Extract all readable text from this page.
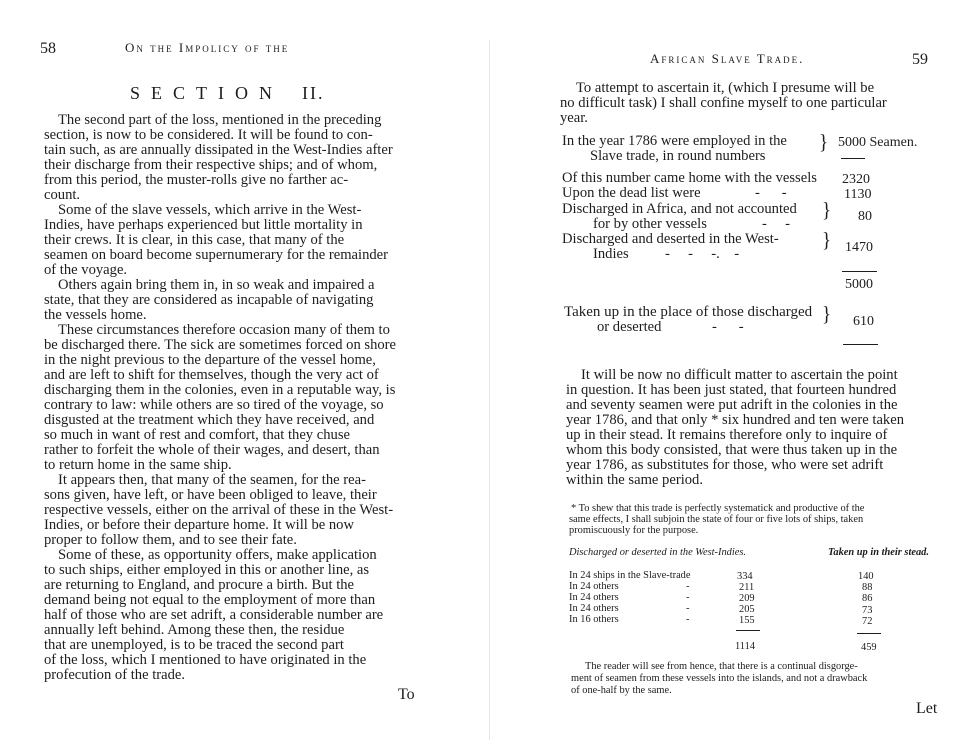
58	On the Impolicy of the
SECTION II.
The second part of the loss, mentioned in the preceding
section, is now to be considered. It will be found to con-
tain such, as are annually dissipated in the West-Indies after
their discharge from their respective ships; and of whom,
from this period, the muster-rolls give no farther ac-
count.
Some of the slave vessels, which arrive in the West-
Indies, have perhaps experienced but little mortality in
their crews. It is clear, in this case, that many of the
seamen on board become supernumerary for the remainder
of the voyage.
Others again bring them in, in so weak and impaired a
state, that they are considered as incapable of navigating
the vessels home.
These circumstances therefore occasion many of them to
be discharged there. The sick are sometimes forced on shore
in the night previous to the departure of the vessel home,
and are left to shift for themselves, though the very act of
discharging them in the colonies, even in a reputable way, is
contrary to law: while others are so tired of the voyage, so
disgusted at the treatment which they have received, and
so much in want of rest and comfort, that they chuse
rather to forfeit the whole of their wages, and desert, than
to return home in the same ship.
It appears then, that many of the seamen, for the rea-
sons given, have left, or have been obliged to leave, their
respective vessels, either on the arrival of these in the West-
Indies, or before their departure home. It will be now
proper to follow them, and to see their fate.
Some of these, as opportunity offers, make application
to such ships, either employed in this or another line, as
are returning to England, and procure a birth. But the
demand being not equal to the employment of more than
half of those who are set adrift, a considerable number are
annually left behind. Among these then, the residue
that are unemployed, is to be traced the second part
of the loss, which I mentioned to have originated in the
profecution of the trade.
To
African Slave Trade.	59
To attempt to ascertain it, (which I presume will be
no difficult task) I shall confine myself to one particular
year.
In the year 1786 were employed in the
Slave trade, in round numbers
} 5000 Seamen.
Of this number came home with the vessels 2320
Upon the dead list were	-      -	1130
Discharged in Africa, and not accounted
for by other vessels	-     -
} 80
Discharged and deserted in the West-
Indies -     -     -.    -
} 1470
5000
Taken up in the place of those discharged
or deserted	-      -
} 610
It will be now no difficult matter to ascertain the point
in question. It has been just stated, that fourteen hundred
and seventy seamen were put adrift in the colonies in the
year 1786, and that only * six hundred and ten were taken
up in their stead. It remains therefore only to inquire of
whom this body consisted, that were thus taken up in the
year 1786, as substitutes for those, who were set adrift
within the same period.
* To shew that this trade is perfectly systematick and productive of the
same effects, I shall subjoin the state of four or five lots of ships, taken
promiscuously for the purpose.
Discharged or deserted in the West-Indies.	Taken up in their stead.
In 24 ships in the Slave-trade	334	140
In 24 others	-	211	88
In 24 others	-	209	86
In 24 others	-	205	73
In 16 others	-	155	72
1114	459
The reader will see from hence, that there is a continual disgorge-
ment of seamen from these vessels into the islands, and not a drawback
of one-half by the same.
Let
